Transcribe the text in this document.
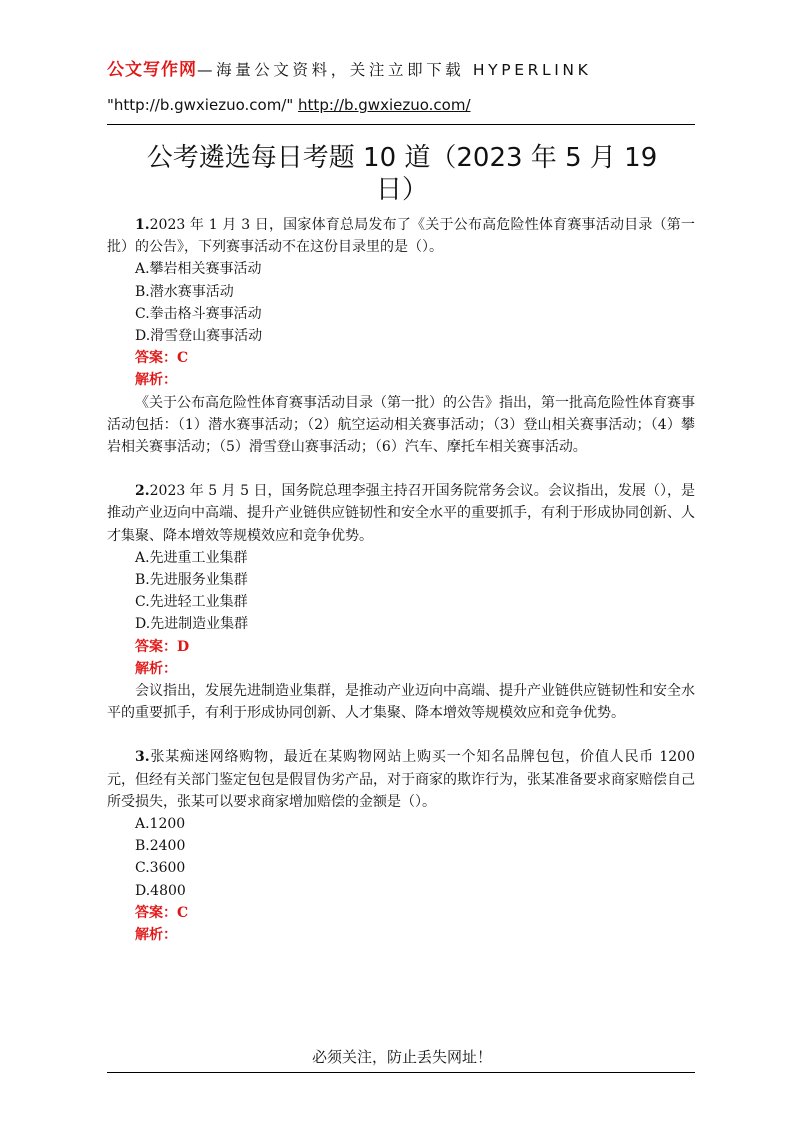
公文写作网—海量公文资料，关注立即下载 HYPERLINK
"http://b.gwxiezuo.com/" http://b.gwxiezuo.com/
公考遴选每日考题 10 道（2023 年 5 月 19
日）

1.2023 年 1 月 3 日，国家体育总局发布了《关于公布高危险性体育赛事活动目录（第一批）的公告》，下列赛事活动不在这份目录里的是（）。

A.攀岩相关赛事活动

B.潜水赛事活动

C.拳击格斗赛事活动

D.滑雪登山赛事活动

答案：C

解析：

《关于公布高危险性体育赛事活动目录（第一批）的公告》指出，第一批高危险性体育赛事活动包括：（1）潜水赛事活动；（2）航空运动相关赛事活动；（3）登山相关赛事活动；（4）攀岩相关赛事活动；（5）滑雪登山赛事活动；（6）汽车、摩托车相关赛事活动。

2.2023 年 5 月 5 日，国务院总理李强主持召开国务院常务会议。会议指出，发展（），是推动产业迈向中高端、提升产业链供应链韧性和安全水平的重要抓手，有利于形成协同创新、人才集聚、降本增效等规模效应和竞争优势。

A.先进重工业集群

B.先进服务业集群

C.先进轻工业集群

D.先进制造业集群

答案：D

解析：

会议指出，发展先进制造业集群，是推动产业迈向中高端、提升产业链供应链韧性和安全水平的重要抓手，有利于形成协同创新、人才集聚、降本增效等规模效应和竞争优势。

3.张某痴迷网络购物，最近在某购物网站上购买一个知名品牌包包，价值人民币 1200 元，但经有关部门鉴定包包是假冒伪劣产品，对于商家的欺诈行为，张某准备要求商家赔偿自己所受损失，张某可以要求商家增加赔偿的金额是（）。

A.1200

B.2400

C.3600

D.4800

答案：C

解析：

必须关注，防止丢失网址！
